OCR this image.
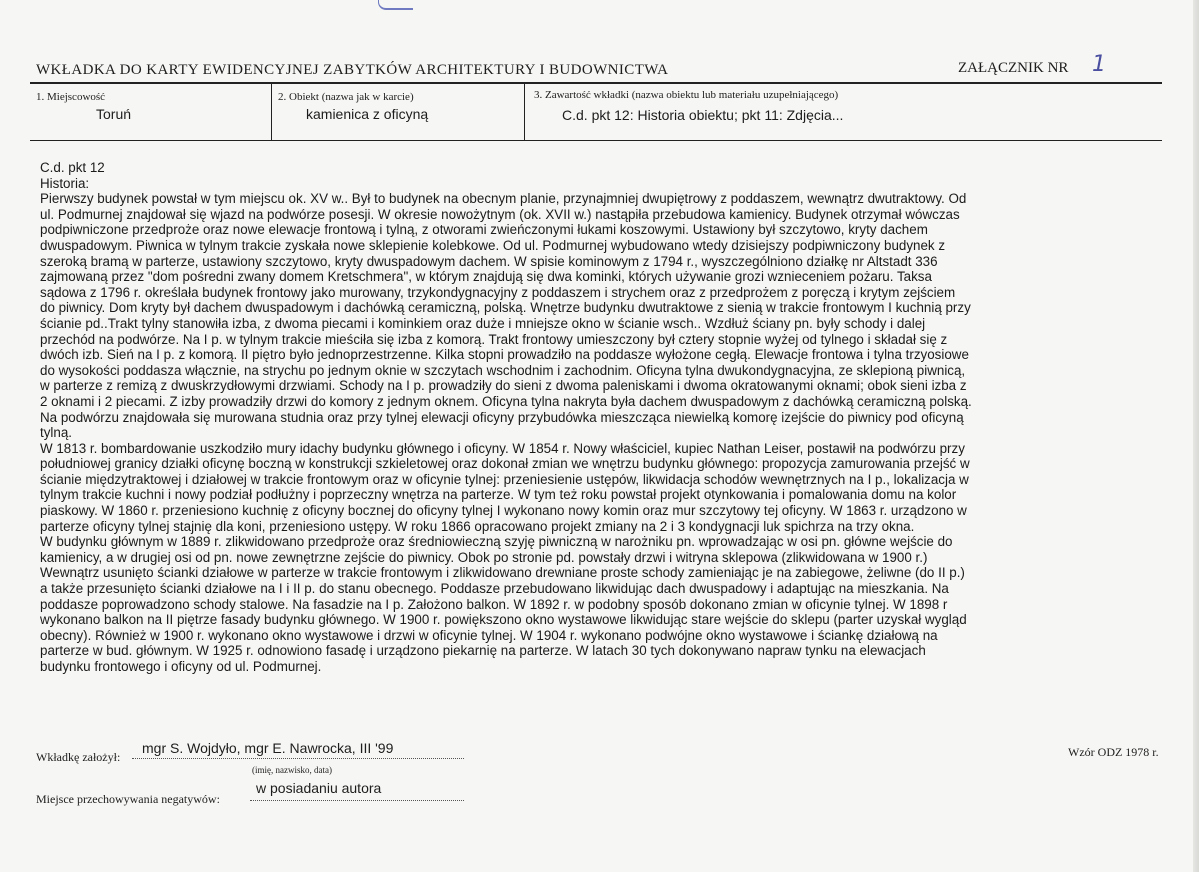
WKŁADKA DO KARTY EWIDENCYJNEJ ZABYTKÓW ARCHITEKTURY I BUDOWNICTWA	ZAŁĄCZNIK NR 1
1. Miejscowość
Toruń
2. Obiekt (nazwa jak w karcie)
kamienica z oficyną
3. Zawartość wkładki (nazwa obiektu lub materiału uzupełniającego)
C.d. pkt 12: Historia obiektu; pkt 11: Zdjęcia...
C.d. pkt 12
Historia:
Pierwszy budynek powstał w tym miejscu ok. XV w.. Był to budynek na obecnym planie, przynajmniej dwupiętrowy z poddaszem, wewnątrz dwutraktowy. Od
ul. Podmurnej znajdował się wjazd na podwórze posesji. W okresie nowożytnym (ok. XVII w.) nastąpiła przebudowa kamienicy. Budynek otrzymał wówczas
podpiwniczone przedproże oraz nowe elewacje frontową i tylną, z otworami zwieńczonymi łukami koszowymi. Ustawiony był szczytowo, kryty dachem
dwuspadowym. Piwnica w tylnym trakcie zyskała nowe sklepienie kolebkowe. Od ul. Podmurnej wybudowano wtedy dzisiejszy podpiwniczony budynek z
szeroką bramą w parterze, ustawiony szczytowo, kryty dwuspadowym dachem. W spisie kominowym z 1794 r., wyszczególniono działkę nr Altstadt 336
zajmowaną przez "dom pośredni zwany domem Kretschmera", w którym znajdują się dwa kominki, których używanie grozi wznieceniem pożaru. Taksa
sądowa z 1796 r. określała budynek frontowy jako murowany, trzykondygnacyjny z poddaszem i strychem oraz z przedprożem z poręczą i krytym zejściem
do piwnicy. Dom kryty był dachem dwuspadowym i dachówką ceramiczną, polską. Wnętrze budynku dwutraktowe z sienią w trakcie frontowym I kuchnią przy
ścianie pd..Trakt tylny stanowiła izba, z dwoma piecami i kominkiem oraz duże i mniejsze okno w ścianie wsch.. Wzdłuż ściany pn. były schody i dalej
przechód na podwórze. Na I p. w tylnym trakcie mieściła się izba z komorą. Trakt frontowy umieszczony był cztery stopnie wyżej od tylnego i składał się z
dwóch izb. Sień na I p. z komorą. II piętro było jednoprzestrzenne. Kilka stopni prowadziło na poddasze wyłożone cegłą. Elewacje frontowa i tylna trzyosiowe
do wysokości poddasza włącznie, na strychu po jednym oknie w szczytach wschodnim i zachodnim. Oficyna tylna dwukondygnacyjna, ze sklepioną piwnicą,
w parterze z remizą z dwuskrzydłowymi drzwiami. Schody na I p. prowadziły do sieni z dwoma paleniskami i dwoma okratowanymi oknami; obok sieni izba z
2 oknami i 2 piecami. Z izby prowadziły drzwi do komory z jednym oknem. Oficyna tylna nakryta była dachem dwuspadowym z dachówką ceramiczną polską.
Na podwórzu znajdowała się murowana studnia oraz przy tylnej elewacji oficyny przybudówka mieszcząca niewielką komorę izejście do piwnicy pod oficyną
tylną.
W 1813 r. bombardowanie uszkodziło mury idachy budynku głównego i oficyny. W 1854 r. Nowy właściciel, kupiec Nathan Leiser, postawił na podwórzu przy
południowej granicy działki oficynę boczną w konstrukcji szkieletowej oraz dokonał zmian we wnętrzu budynku głównego: propozycja zamurowania przejść w
ścianie międzytraktowej i działowej w trakcie frontowym oraz w oficynie tylnej: przeniesienie ustępów, likwidacja schodów wewnętrznych na I p., lokalizacja w
tylnym trakcie kuchni i nowy podział podłużny i poprzeczny wnętrza na parterze. W tym też roku powstał projekt otynkowania i pomalowania domu na kolor
piaskowy. W 1860 r. przeniesiono kuchnię z oficyny bocznej do oficyny tylnej I wykonano nowy komin oraz mur szczytowy tej oficyny. W 1863 r. urządzono w
parterze oficyny tylnej stajnię dla koni, przeniesiono ustępy. W roku 1866 opracowano projekt zmiany na 2 i 3 kondygnacji luk spichrza na trzy okna.
W budynku głównym w 1889 r. zlikwidowano przedproże oraz średniowieczną szyję piwniczną w narożniku pn. wprowadzając w osi pn. główne wejście do
kamienicy, a w drugiej osi od pn. nowe zewnętrzne zejście do piwnicy. Obok po stronie pd. powstały drzwi i witryna sklepowa (zlikwidowana w 1900 r.)
Wewnątrz usunięto ścianki działowe w parterze w trakcie frontowym i zlikwidowano drewniane proste schody zamieniając je na zabiegowe, żeliwne (do II p.)
a także przesunięto ścianki działowe na I i II p. do stanu obecnego. Poddasze przebudowano likwidując dach dwuspadowy i adaptując na mieszkania. Na
poddasze poprowadzono schody stalowe. Na fasadzie na I p. Założono balkon. W 1892 r. w podobny sposób dokonano zmian w oficynie tylnej. W 1898 r
wykonano balkon na II piętrze fasady budynku głównego. W 1900 r. powiększono okno wystawowe likwidując stare wejście do sklepu (parter uzyskał wygląd
obecny). Również w 1900 r. wykonano okno wystawowe i drzwi w oficynie tylnej. W 1904 r. wykonano podwójne okno wystawowe i ściankę działową na
parterze w bud. głównym. W 1925 r. odnowiono fasadę i urządzono piekarnię na parterze. W latach 30 tych dokonywano napraw tynku na elewacjach
budynku frontowego i oficyny od ul. Podmurnej.
Wkładkę założył:
mgr S. Wojdyło, mgr E. Nawrocka, III '99
(imię, nazwisko, data)
Miejsce przechowywania negatywów:
w posiadaniu autora
Wzór ODZ 1978 r.
